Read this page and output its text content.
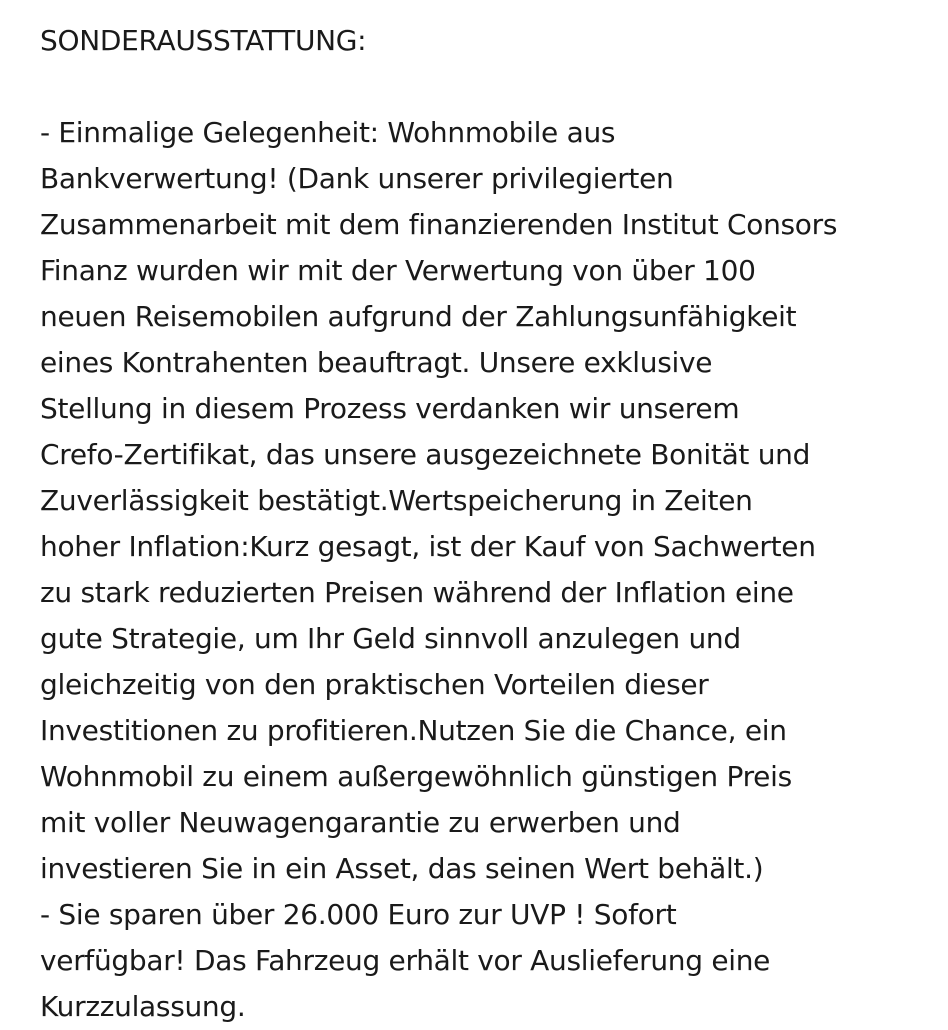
SONDERAUSSTATTUNG:
- Einmalige Gelegenheit: Wohnmobile aus
Bankverwertung! (Dank unserer privilegierten
Zusammenarbeit mit dem finanzierenden Institut Consors
Finanz wurden wir mit der Verwertung von über 100
neuen Reisemobilen aufgrund der Zahlungsunfähigkeit
eines Kontrahenten beauftragt. Unsere exklusive
Stellung in diesem Prozess verdanken wir unserem
Crefo-Zertifikat, das unsere ausgezeichnete Bonität und
Zuverlässigkeit bestätigt.Wertspeicherung in Zeiten
hoher Inflation:Kurz gesagt, ist der Kauf von Sachwerten
zu stark reduzierten Preisen während der Inflation eine
gute Strategie, um Ihr Geld sinnvoll anzulegen und
gleichzeitig von den praktischen Vorteilen dieser
Investitionen zu profitieren.Nutzen Sie die Chance, ein
Wohnmobil zu einem außergewöhnlich günstigen Preis
mit voller Neuwagengarantie zu erwerben und
investieren Sie in ein Asset, das seinen Wert behält.)
- Sie sparen über 26.000 Euro zur UVP ! Sofort
verfügbar! Das Fahrzeug erhält vor Auslieferung eine
Kurzzulassung.
